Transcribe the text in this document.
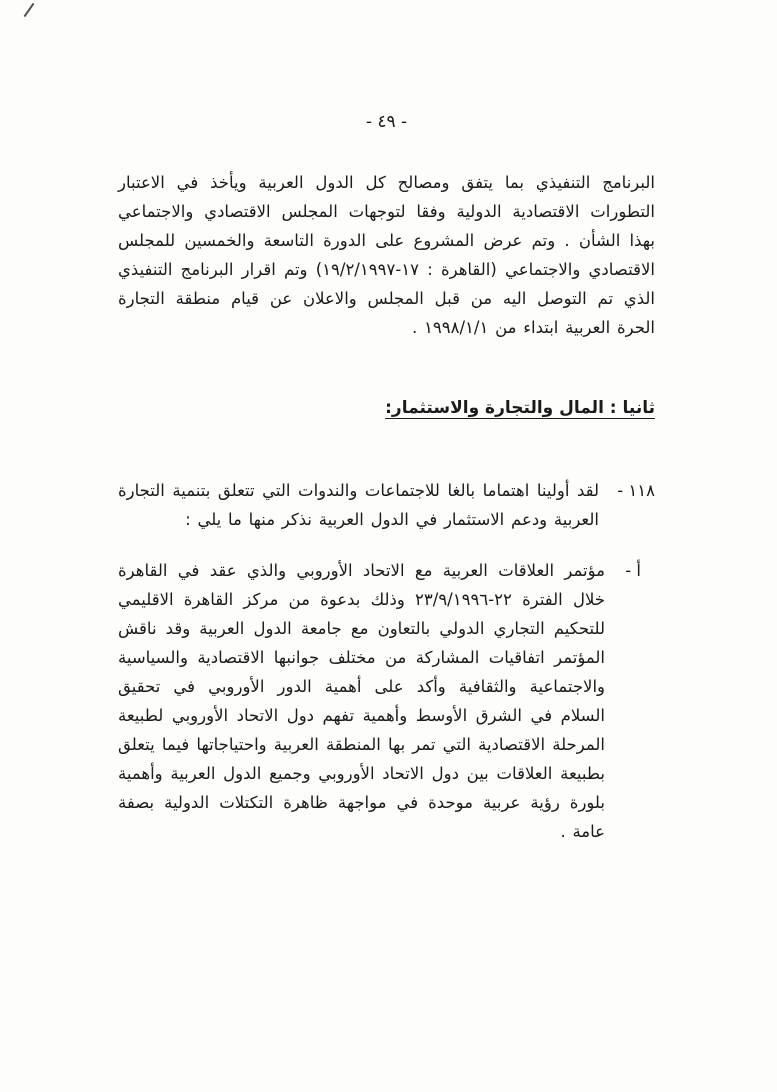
- ٤٩ -

البرنامج التنفيذي بما يتفق ومصالح كل الدول العربية ويأخذ في الاعتبار التطورات الاقتصادية الدولية وفقا لتوجهات المجلس الاقتصادي والاجتماعي بهذا الشأن . وتم عرض المشروع على الدورة التاسعة والخمسين للمجلس الاقتصادي والاجتماعي (القاهرة : ١٧-١٩/٢/١٩٩٧) وتم اقرار البرنامج التنفيذي الذي تم التوصل اليه من قبل المجلس والاعلان عن قيام منطقة التجارة الحرة العربية ابتداء من ١٩٩٨/١/١ .

ثانيا : المال والتجارة والاستثمار:
١١٨ -

لقد أولينا اهتماما بالغا للاجتماعات والندوات التي تتعلق بتنمية التجارة العربية ودعم الاستثمار في الدول العربية نذكر منها ما يلي :

أ -

مؤتمر العلاقات العربية مع الاتحاد الأوروبي والذي عقد في القاهرة خلال الفترة ٢٢-٢٣/٩/١٩٩٦ وذلك بدعوة من مركز القاهرة الاقليمي للتحكيم التجاري الدولي بالتعاون مع جامعة الدول العربية وقد ناقش المؤتمر اتفاقيات المشاركة من مختلف جوانبها الاقتصادية والسياسية والاجتماعية والثقافية وأكد على أهمية الدور الأوروبي في تحقيق السلام في الشرق الأوسط وأهمية تفهم دول الاتحاد الأوروبي لطبيعة المرحلة الاقتصادية التي تمر بها المنطقة العربية واحتياجاتها فيما يتعلق بطبيعة العلاقات بين دول الاتحاد الأوروبي وجميع الدول العربية وأهمية بلورة رؤية عربية موحدة في مواجهة ظاهرة التكتلات الدولية بصفة عامة .
